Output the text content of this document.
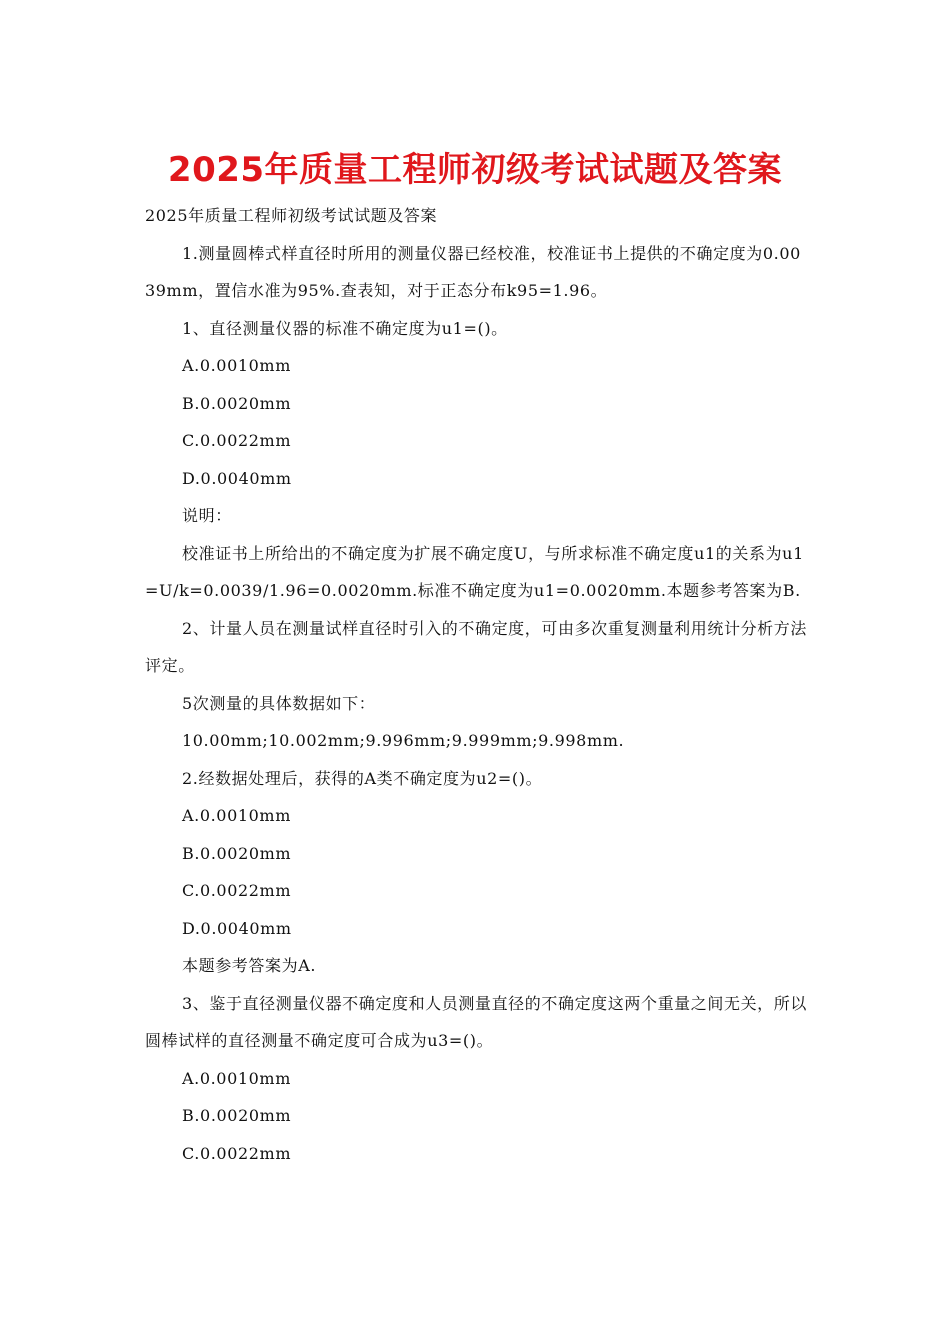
2025年质量工程师初级考试试题及答案

2025年质量工程师初级考试试题及答案

1.测量圆棒式样直径时所用的测量仪器已经校准，校准证书上提供的不确定度为0.0039mm，置信水准为95%.查表知，对于正态分布k95=1.96。

1、直径测量仪器的标准不确定度为u1=()。

A.0.0010mm

B.0.0020mm

C.0.0022mm

D.0.0040mm

说明：

校准证书上所给出的不确定度为扩展不确定度U，与所求标准不确定度u1的关系为u1=U/k=0.0039/1.96=0.0020mm.标准不确定度为u1=0.0020mm.本题参考答案为B.

2、计量人员在测量试样直径时引入的不确定度，可由多次重复测量利用统计分析方法评定。

5次测量的具体数据如下：

10.00mm;10.002mm;9.996mm;9.999mm;9.998mm.

2.经数据处理后，获得的A类不确定度为u2=()。

A.0.0010mm

B.0.0020mm

C.0.0022mm

D.0.0040mm

本题参考答案为A.

3、鉴于直径测量仪器不确定度和人员测量直径的不确定度这两个重量之间无关，所以圆棒试样的直径测量不确定度可合成为u3=()。

A.0.0010mm

B.0.0020mm

C.0.0022mm
